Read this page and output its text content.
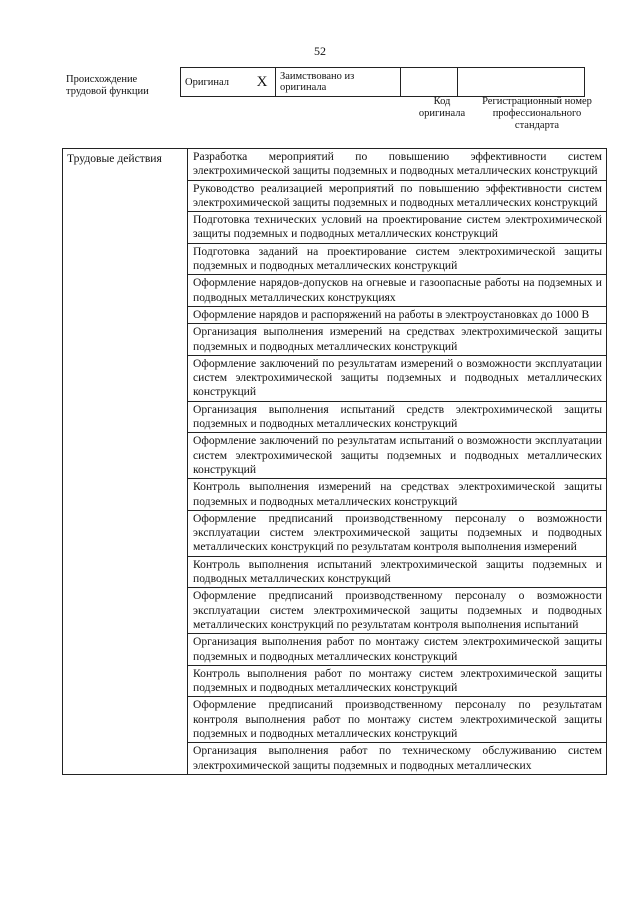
52
Происхождение трудовой функции
Оригинал	X	Заимствовано из оригинала		
Код оригинала
Регистрационный номер профессионального стандарта
Трудовые действия	Разработка мероприятий по повышению эффективности систем электрохимической защиты подземных и подводных металлических конструкций
Руководство реализацией мероприятий по повышению эффективности систем электрохимической защиты подземных и подводных металлических конструкций
Подготовка технических условий на проектирование систем электрохимической защиты подземных и подводных металлических конструкций
Подготовка заданий на проектирование систем электрохимической защиты подземных и подводных металлических конструкций
Оформление нарядов-допусков на огневые и газоопасные работы на подземных и подводных металлических конструкциях
Оформление нарядов и распоряжений на работы в электроустановках до 1000 В
Организация выполнения измерений на средствах электрохимической защиты подземных и подводных металлических конструкций
Оформление заключений по результатам измерений о возможности эксплуатации систем электрохимической защиты подземных и подводных металлических конструкций
Организация выполнения испытаний средств электрохимической защиты подземных и подводных металлических конструкций
Оформление заключений по результатам испытаний о возможности эксплуатации систем электрохимической защиты подземных и подводных металлических конструкций
Контроль выполнения измерений на средствах электрохимической защиты подземных и подводных металлических конструкций
Оформление предписаний производственному персоналу о возможности эксплуатации систем электрохимической защиты подземных и подводных металлических конструкций по результатам контроля выполнения измерений
Контроль выполнения испытаний электрохимической защиты подземных и подводных металлических конструкций
Оформление предписаний производственному персоналу о возможности эксплуатации систем электрохимической защиты подземных и подводных металлических конструкций по результатам контроля выполнения испытаний
Организация выполнения работ по монтажу систем электрохимической защиты подземных и подводных металлических конструкций
Контроль выполнения работ по монтажу систем электрохимической защиты подземных и подводных металлических конструкций
Оформление предписаний производственному персоналу по результатам контроля выполнения работ по монтажу систем электрохимической защиты подземных и подводных металлических конструкций
Организация выполнения работ по техническому обслуживанию систем электрохимической защиты подземных и подводных металлических
